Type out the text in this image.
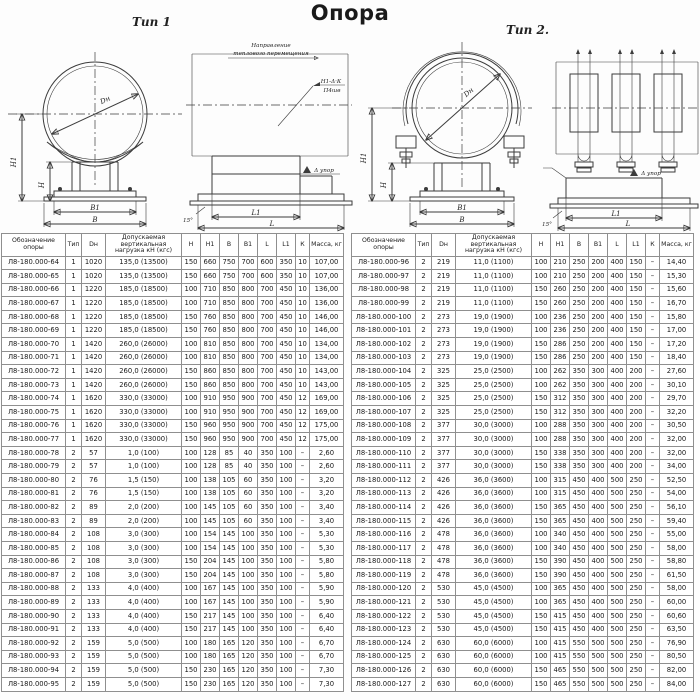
Опора
Тип 1
Тип 2.
Dн
Н1
Н
В1
В
Направление
теплового перемещения
Н1-Δ·К
П4шв
Δ упор
L1
L
15°
Dн
Н1
Н
В1
В
Δ упор
L1
L
15°
Обозначение опоры	Тип	Dн	Допускаемая вертикальная нагрузка кН (кгс)	Н	Н1	В	В1	L	L1	К	Масса, кг
Л8-180.000-64	1	1020	135,0 (13500)	150	660	750	700	600	350	10	107,00
Л8-180.000-65	1	1020	135,0 (13500)	150	660	750	700	600	350	10	107,00
Л8-180.000-66	1	1220	185,0 (18500)	100	710	850	800	700	450	10	136,00
Л8-180.000-67	1	1220	185,0 (18500)	100	710	850	800	700	450	10	136,00
Л8-180.000-68	1	1220	185,0 (18500)	150	760	850	800	700	450	10	146,00
Л8-180.000-69	1	1220	185,0 (18500)	150	760	850	800	700	450	10	146,00
Л8-180.000-70	1	1420	260,0 (26000)	100	810	850	800	700	450	10	134,00
Л8-180.000-71	1	1420	260,0 (26000)	100	810	850	800	700	450	10	134,00
Л8-180.000-72	1	1420	260,0 (26000)	150	860	850	800	700	450	10	143,00
Л8-180.000-73	1	1420	260,0 (26000)	150	860	850	800	700	450	10	143,00
Л8-180.000-74	1	1620	330,0 (33000)	100	910	950	900	700	450	12	169,00
Л8-180.000-75	1	1620	330,0 (33000)	100	910	950	900	700	450	12	169,00
Л8-180.000-76	1	1620	330,0 (33000)	150	960	950	900	700	450	12	175,00
Л8-180.000-77	1	1620	330,0 (33000)	150	960	950	900	700	450	12	175,00
Л8-180.000-78	2	57	1,0 (100)	100	128	85	40	350	100	–	2,60
Л8-180.000-79	2	57	1,0 (100)	100	128	85	40	350	100	–	2,60
Л8-180.000-80	2	76	1,5 (150)	100	138	105	60	350	100	–	3,20
Л8-180.000-81	2	76	1,5 (150)	100	138	105	60	350	100	–	3,20
Л8-180.000-82	2	89	2,0 (200)	100	145	105	60	350	100	–	3,40
Л8-180.000-83	2	89	2,0 (200)	100	145	105	60	350	100	–	3,40
Л8-180.000-84	2	108	3,0 (300)	100	154	145	100	350	100	–	5,30
Л8-180.000-85	2	108	3,0 (300)	100	154	145	100	350	100	–	5,30
Л8-180.000-86	2	108	3,0 (300)	150	204	145	100	350	100	–	5,80
Л8-180.000-87	2	108	3,0 (300)	150	204	145	100	350	100	–	5,80
Л8-180.000-88	2	133	4,0 (400)	100	167	145	100	350	100	–	5,90
Л8-180.000-89	2	133	4,0 (400)	100	167	145	100	350	100	–	5,90
Л8-180.000-90	2	133	4,0 (400)	150	217	145	100	350	100	–	6,40
Л8-180.000-91	2	133	4,0 (400)	150	217	145	100	350	100	–	6,40
Л8-180.000-92	2	159	5,0 (500)	100	180	165	120	350	100	–	6,70
Л8-180.000-93	2	159	5,0 (500)	100	180	165	120	350	100	–	6,70
Л8-180.000-94	2	159	5,0 (500)	150	230	165	120	350	100	–	7,30
Л8-180.000-95	2	159	5,0 (500)	150	230	165	120	350	100	–	7,30
Обозначение опоры	Тип	Dн	Допускаемая вертикальная нагрузка кН (кгс)	Н	Н1	В	В1	L	L1	К	Масса, кг
Л8-180.000-96	2	219	11,0 (1100)	100	210	250	200	400	150	–	14,40
Л8-180.000-97	2	219	11,0 (1100)	100	210	250	200	400	150	–	15,30
Л8-180.000-98	2	219	11,0 (1100)	150	260	250	200	400	150	–	15,60
Л8-180.000-99	2	219	11,0 (1100)	150	260	250	200	400	150	–	16,70
Л8-180.000-100	2	273	19,0 (1900)	100	236	250	200	400	150	–	15,80
Л8-180.000-101	2	273	19,0 (1900)	100	236	250	200	400	150	–	17,00
Л8-180.000-102	2	273	19,0 (1900)	150	286	250	200	400	150	–	17,20
Л8-180.000-103	2	273	19,0 (1900)	150	286	250	200	400	150	–	18,40
Л8-180.000-104	2	325	25,0 (2500)	100	262	350	300	400	200	–	27,60
Л8-180.000-105	2	325	25,0 (2500)	100	262	350	300	400	200	–	30,10
Л8-180.000-106	2	325	25,0 (2500)	150	312	350	300	400	200	–	29,70
Л8-180.000-107	2	325	25,0 (2500)	150	312	350	300	400	200	–	32,20
Л8-180.000-108	2	377	30,0 (3000)	100	288	350	300	400	200	–	30,50
Л8-180.000-109	2	377	30,0 (3000)	100	288	350	300	400	200	–	32,00
Л8-180.000-110	2	377	30,0 (3000)	150	338	350	300	400	200	–	32,00
Л8-180.000-111	2	377	30,0 (3000)	150	338	350	300	400	200	–	34,00
Л8-180.000-112	2	426	36,0 (3600)	100	315	450	400	500	250	–	52,50
Л8-180.000-113	2	426	36,0 (3600)	100	315	450	400	500	250	–	54,00
Л8-180.000-114	2	426	36,0 (3600)	150	365	450	400	500	250	–	56,10
Л8-180.000-115	2	426	36,0 (3600)	150	365	450	400	500	250	–	59,40
Л8-180.000-116	2	478	36,0 (3600)	100	340	450	400	500	250	–	55,00
Л8-180.000-117	2	478	36,0 (3600)	100	340	450	400	500	250	–	58,00
Л8-180.000-118	2	478	36,0 (3600)	150	390	450	400	500	250	–	58,80
Л8-180.000-119	2	478	36,0 (3600)	150	390	450	400	500	250	–	61,50
Л8-180.000-120	2	530	45,0 (4500)	100	365	450	400	500	250	–	58,00
Л8-180.000-121	2	530	45,0 (4500)	100	365	450	400	500	250	–	60,00
Л8-180.000-122	2	530	45,0 (4500)	150	415	450	400	500	250	–	60,60
Л8-180.000-123	2	530	45,0 (4500)	150	415	450	400	500	250	–	63,50
Л8-180.000-124	2	630	60,0 (6000)	100	415	550	500	500	250	–	76,90
Л8-180.000-125	2	630	60,0 (6000)	100	415	550	500	500	250	–	80,50
Л8-180.000-126	2	630	60,0 (6000)	150	465	550	500	500	250	–	82,00
Л8-180.000-127	2	630	60,0 (6000)	150	465	550	500	500	250	–	84,00
